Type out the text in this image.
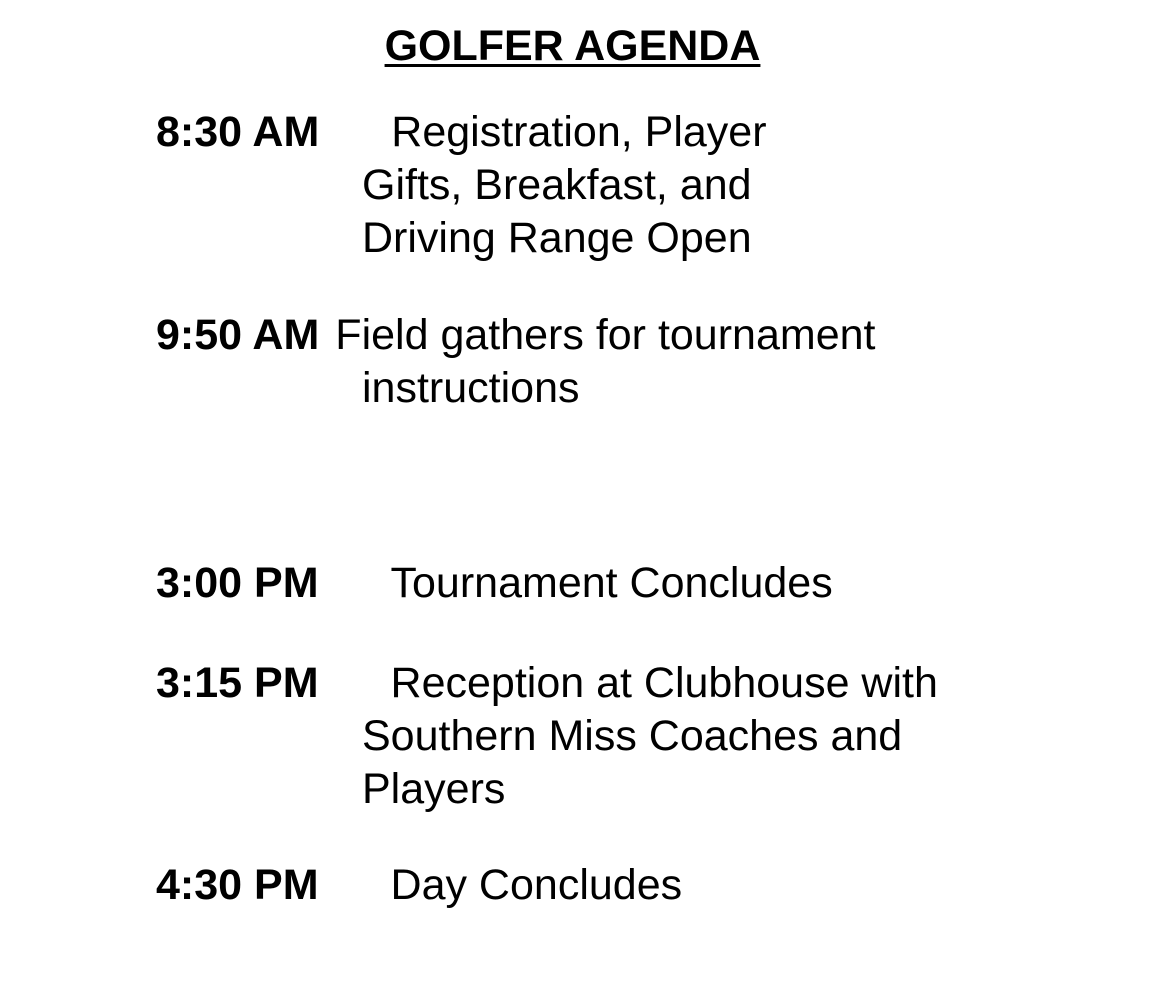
GOLFER AGENDA
8:30 AM Registration, Player
Gifts, Breakfast, and
Driving Range Open
9:50 AM Field gathers for tournament
instructions
3:00 PM Tournament Concludes
3:15 PM Reception at Clubhouse with
Southern Miss Coaches and
Players
4:30 PM Day Concludes
